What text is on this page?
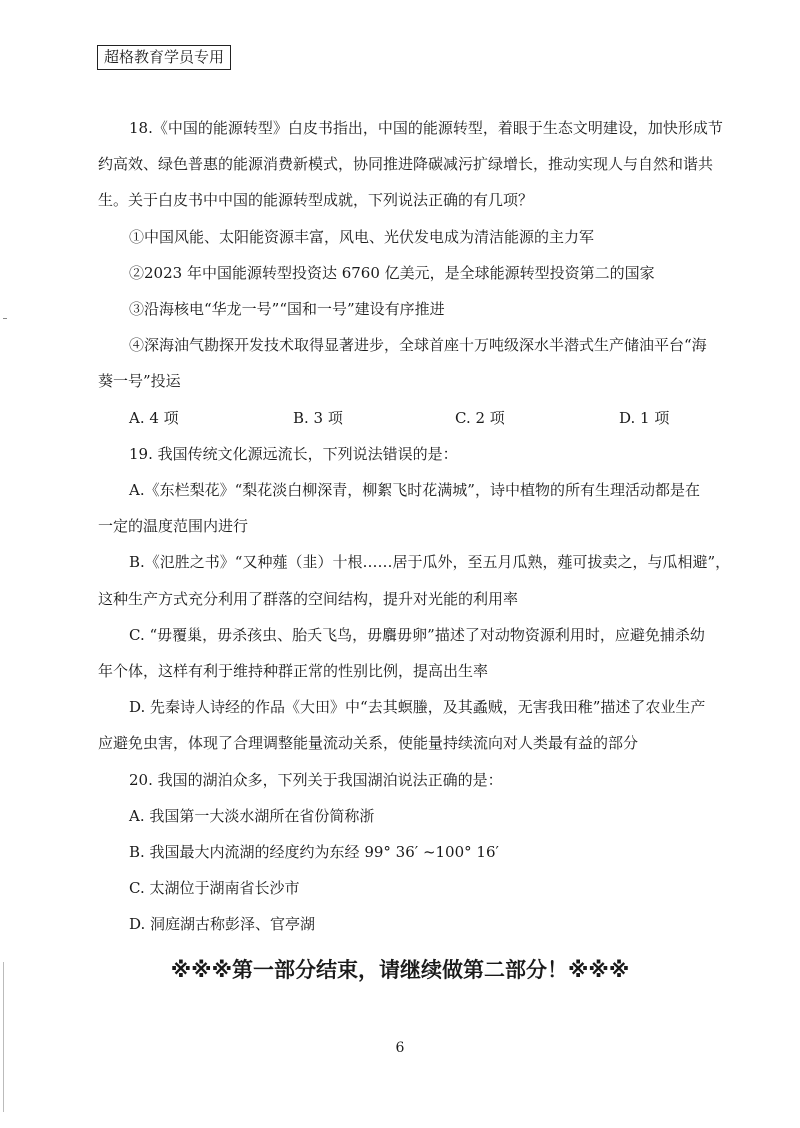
超格教育学员专用

18.《中国的能源转型》白皮书指出，中国的能源转型，着眼于生态文明建设，加快形成节

约高效、绿色普惠的能源消费新模式，协同推进降碳减污扩绿增长，推动实现人与自然和谐共

生。关于白皮书中中国的能源转型成就，下列说法正确的有几项？

①中国风能、太阳能资源丰富，风电、光伏发电成为清洁能源的主力军

②2023 年中国能源转型投资达 6760 亿美元，是全球能源转型投资第二的国家

③沿海核电“华龙一号”“国和一号”建设有序推进

④深海油气勘探开发技术取得显著进步，全球首座十万吨级深水半潜式生产储油平台“海

葵一号”投运

A. 4 项	B. 3 项	C. 2 项	D. 1 项

19. 我国传统文化源远流长，下列说法错误的是：

A.《东栏梨花》“梨花淡白柳深青，柳絮飞时花满城”，诗中植物的所有生理活动都是在

一定的温度范围内进行

B.《氾胜之书》“又种薤（韭）十根……居于瓜外，至五月瓜熟，薤可拔卖之，与瓜相避”，

这种生产方式充分利用了群落的空间结构，提升对光能的利用率

C. “毋覆巢，毋杀孩虫、胎夭飞鸟，毋麛毋卵”描述了对动物资源利用时，应避免捕杀幼

年个体，这样有利于维持种群正常的性别比例，提高出生率

D. 先秦诗人诗经的作品《大田》中“去其螟螣，及其蟊贼，无害我田稚”描述了农业生产

应避免虫害，体现了合理调整能量流动关系，使能量持续流向对人类最有益的部分

20. 我国的湖泊众多，下列关于我国湖泊说法正确的是：

A. 我国第一大淡水湖所在省份简称浙

B. 我国最大内流湖的经度约为东经 99° 36′ ~100° 16′

C. 太湖位于湖南省长沙市

D. 洞庭湖古称彭泽、官亭湖

※※※第一部分结束，请继续做第二部分！※※※
6
